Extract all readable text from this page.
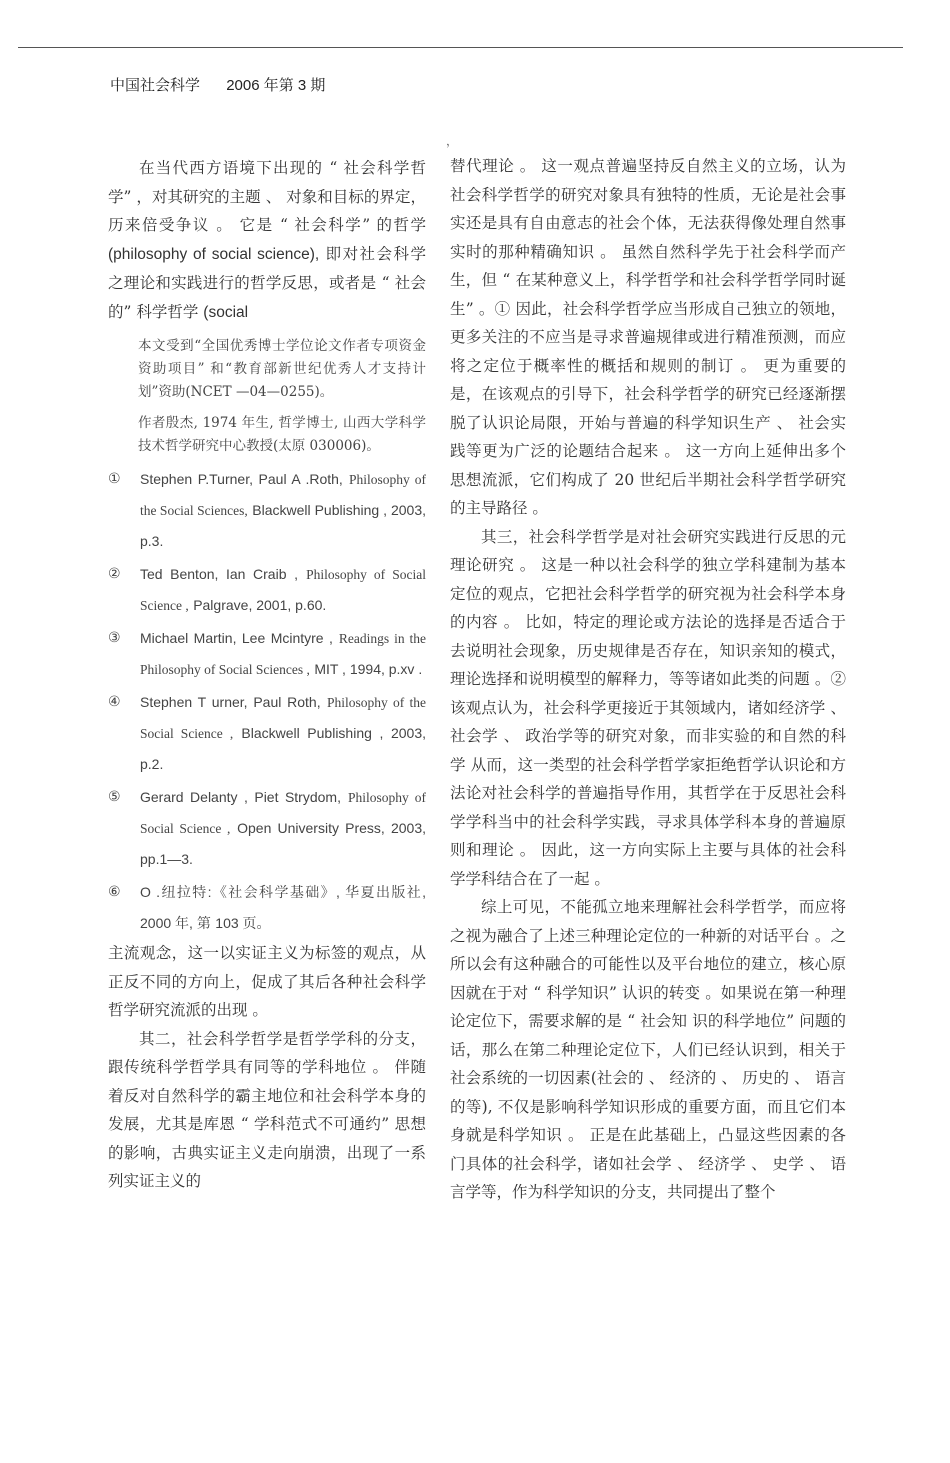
中国社会科学 2006 年第 3 期

在当代西方语境下出现的 “ 社会科学哲学” ，对其研究的主题 、 对象和目标的界定，历来倍受争议 。 它是 “ 社会科学” 的哲学 (philosophy of social science), 即对社会科学之理论和实践进行的哲学反思，或者是 “ 社会的” 科学哲学 (social

本文受到“全国优秀博士学位论文作者专项资金资助项目” 和“教育部新世纪优秀人才支持计划”资助(NCET —04—0255)。
作者殷杰, 1974 年生, 哲学博士, 山西大学科学技术哲学研究中心教授(太原 030006)。
①	Stephen P.Turner, Paul A .Roth, Philosophy of the Social Sciences, Blackwell Publishing , 2003, p.3.
②	Ted Benton, Ian Craib , Philosophy of Social Science , Palgrave, 2001, p.60.
③	Michael Martin, Lee Mcintyre , Readings in the Philosophy of Social Sciences , MIT , 1994, p.xv .
④	Stephen T urner, Paul Roth, Philosophy of the Social Science , Blackwell Publishing , 2003, p.2.
⑤	Gerard Delanty , Piet Strydom, Philosophy of Social Science , Open University Press, 2003, pp.1—3.
⑥	O .纽拉特:《社会科学基础》, 华夏出版社, 2000 年, 第 103 页。

主流观念，这一以实证主义为标签的观点，从正反不同的方向上，促成了其后各种社会科学哲学研究流派的出现 。

其二，社会科学哲学是哲学学科的分支，跟传统科学哲学具有同等的学科地位 。 伴随着反对自然科学的霸主地位和社会科学本身的发展，尤其是库恩 “ 学科范式不可通约” 思想的影响，古典实证主义走向崩溃，出现了一系列实证主义的

，

替代理论 。 这一观点普遍坚持反自然主义的立场，认为社会科学哲学的研究对象具有独特的性质，无论是社会事实还是具有自由意志的社会个体，无法获得像处理自然事实时的那种精确知识 。 虽然自然科学先于社会科学而产生，但 “ 在某种意义上，科学哲学和社会科学哲学同时诞生” 。① 因此，社会科学哲学应当形成自己独立的领地，更多关注的不应当是寻求普遍规律或进行精准预测，而应将之定位于概率性的概括和规则的制订 。 更为重要的是，在该观点的引导下，社会科学哲学的研究已经逐渐摆脱了认识论局限，开始与普遍的科学知识生产 、 社会实践等更为广泛的论题结合起来 。 这一方向上延伸出多个思想流派，它们构成了 20 世纪后半期社会科学哲学研究的主导路径 。

其三，社会科学哲学是对社会研究实践进行反思的元理论研究 。 这是一种以社会科学的独立学科建制为基本定位的观点，它把社会科学哲学的研究视为社会科学本身的内容 。 比如，特定的理论或方法论的选择是否适合于去说明社会现象，历史规律是否存在，知识亲知的模式，理论选择和说明模型的解释力，等等诸如此类的问题 。② 该观点认为，社会科学更接近于其领域内，诸如经济学 、 社会学 、 政治学等的研究对象，而非实验的和自然的科学 从而，这一类型的社会科学哲学家拒绝哲学认识论和方法论对社会科学的普遍指导作用，其哲学在于反思社会科学学科当中的社会科学实践，寻求具体学科本身的普遍原则和理论 。 因此，这一方向实际上主要与具体的社会科学学科结合在了一起 。

综上可见，不能孤立地来理解社会科学哲学，而应将之视为融合了上述三种理论定位的一种新的对话平台 。之所以会有这种融合的可能性以及平台地位的建立，核心原因就在于对 “ 科学知识” 认识的转变 。如果说在第一种理论定位下，需要求解的是 “ 社会知 识的科学地位” 问题的话，那么在第二种理论定位下，人们已经认识到，相关于社会系统的一切因素(社会的 、 经济的 、 历史的 、 语言的等), 不仅是影响科学知识形成的重要方面，而且它们本身就是科学知识 。 正是在此基础上，凸显这些因素的各门具体的社会科学，诸如社会学 、 经济学 、 史学 、 语言学等，作为科学知识的分支，共同提出了整个
